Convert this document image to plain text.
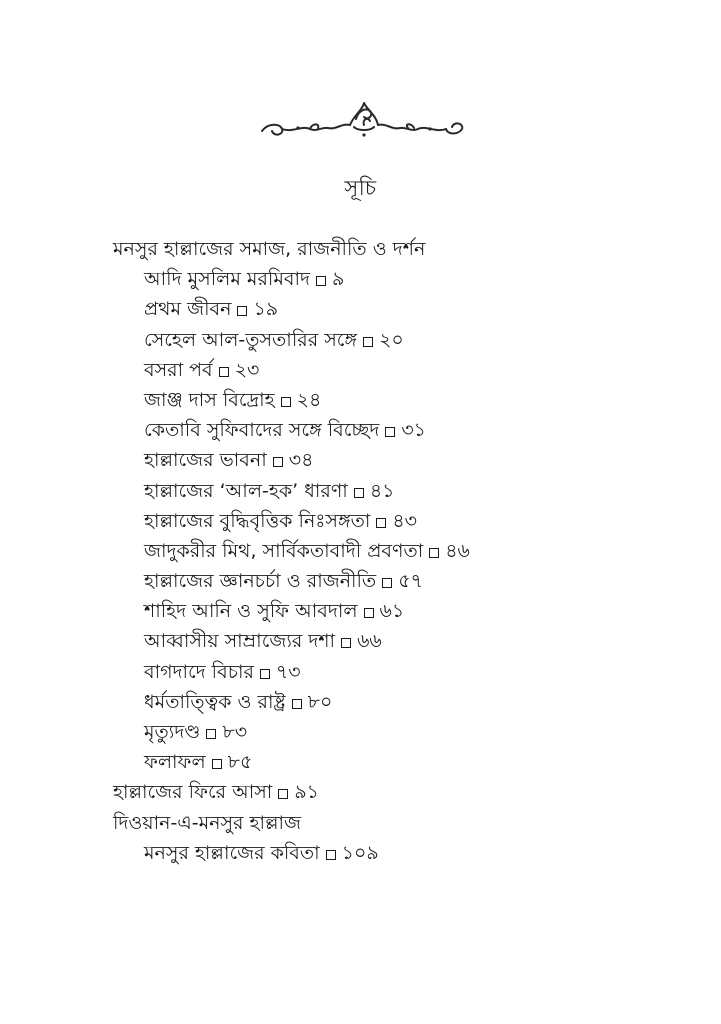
সূচি
মনসুর হাল্লাজের সমাজ, রাজনীতি ও দর্শন
আদি মুসলিম মরমিবাদ ৯
প্রথম জীবন ১৯
সেহেল আল-তুসতারির সঙ্গে ২০
বসরা পর্ব ২৩
জাঞ্জ দাস বিদ্রোহ ২৪
কেতাবি সুফিবাদের সঙ্গে বিচ্ছেদ ৩১
হাল্লাজের ভাবনা ৩৪
হাল্লাজের ‘আল-হক’ ধারণা ৪১
হাল্লাজের বুদ্ধিবৃত্তিক নিঃসঙ্গতা ৪৩
জাদুকরীর মিথ, সার্বিকতাবাদী প্রবণতা ৪৬
হাল্লাজের জ্ঞানচর্চা ও রাজনীতি ৫৭
শাহিদ আনি ও সুফি আবদাল ৬১
আব্বাসীয় সাম্রাজ্যের দশা ৬৬
বাগদাদে বিচার ৭৩
ধর্মতাত্ত্বিক ও রাষ্ট্র ৮০
মৃত্যুদণ্ড ৮৩
ফলাফল ৮৫
হাল্লাজের ফিরে আসা ৯১
দিওয়ান-এ-মনসুর হাল্লাজ
মনসুর হাল্লাজের কবিতা ১০৯
